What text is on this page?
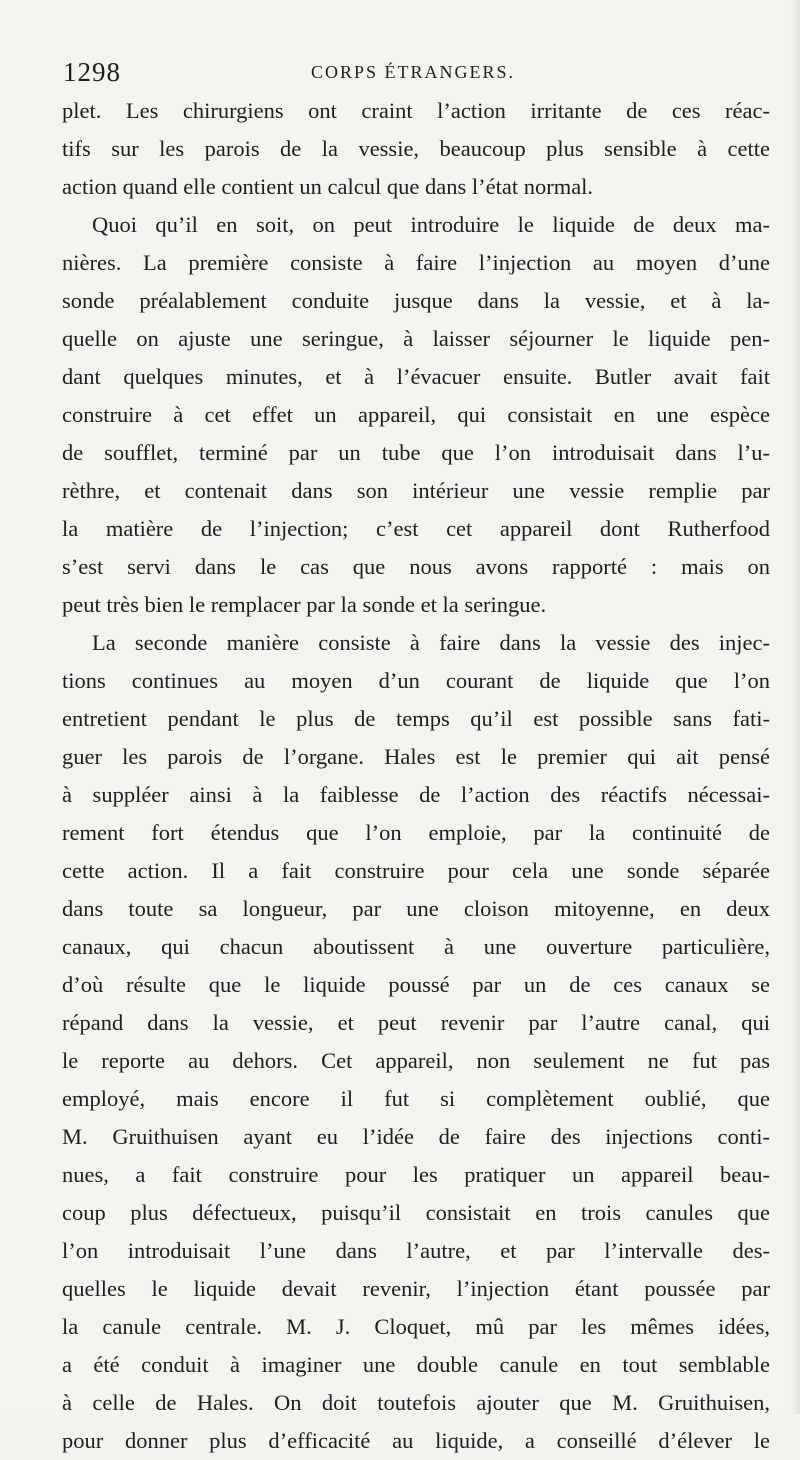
1298	CORPS ÉTRANGERS.
plet. Les chirurgiens ont craint l’action irritante de ces réac-
tifs sur les parois de la vessie, beaucoup plus sensible à cette
action quand elle contient un calcul que dans l’état normal.
Quoi qu’il en soit, on peut introduire le liquide de deux ma-
nières. La première consiste à faire l’injection au moyen d’une
sonde préalablement conduite jusque dans la vessie, et à la-
quelle on ajuste une seringue, à laisser séjourner le liquide pen-
dant quelques minutes, et à l’évacuer ensuite. Butler avait fait
construire à cet effet un appareil, qui consistait en une espèce
de soufflet, terminé par un tube que l’on introduisait dans l’u-
rèthre, et contenait dans son intérieur une vessie remplie par
la matière de l’injection; c’est cet appareil dont Rutherfood
s’est servi dans le cas que nous avons rapporté : mais on
peut très bien le remplacer par la sonde et la seringue.
La seconde manière consiste à faire dans la vessie des injec-
tions continues au moyen d’un courant de liquide que l’on
entretient pendant le plus de temps qu’il est possible sans fati-
guer les parois de l’organe. Hales est le premier qui ait pensé
à suppléer ainsi à la faiblesse de l’action des réactifs nécessai-
rement fort étendus que l’on emploie, par la continuité de
cette action. Il a fait construire pour cela une sonde séparée
dans toute sa longueur, par une cloison mitoyenne, en deux
canaux, qui chacun aboutissent à une ouverture particulière,
d’où résulte que le liquide poussé par un de ces canaux se
répand dans la vessie, et peut revenir par l’autre canal, qui
le reporte au dehors. Cet appareil, non seulement ne fut pas
employé, mais encore il fut si complètement oublié, que
M. Gruithuisen ayant eu l’idée de faire des injections conti-
nues, a fait construire pour les pratiquer un appareil beau-
coup plus défectueux, puisqu’il consistait en trois canules que
l’on introduisait l’une dans l’autre, et par l’intervalle des-
quelles le liquide devait revenir, l’injection étant poussée par
la canule centrale. M. J. Cloquet, mû par les mêmes idées,
a été conduit à imaginer une double canule en tout semblable
à celle de Hales. On doit toutefois ajouter que M. Gruithuisen,
pour donner plus d’efficacité au liquide, a conseillé d’élever le
